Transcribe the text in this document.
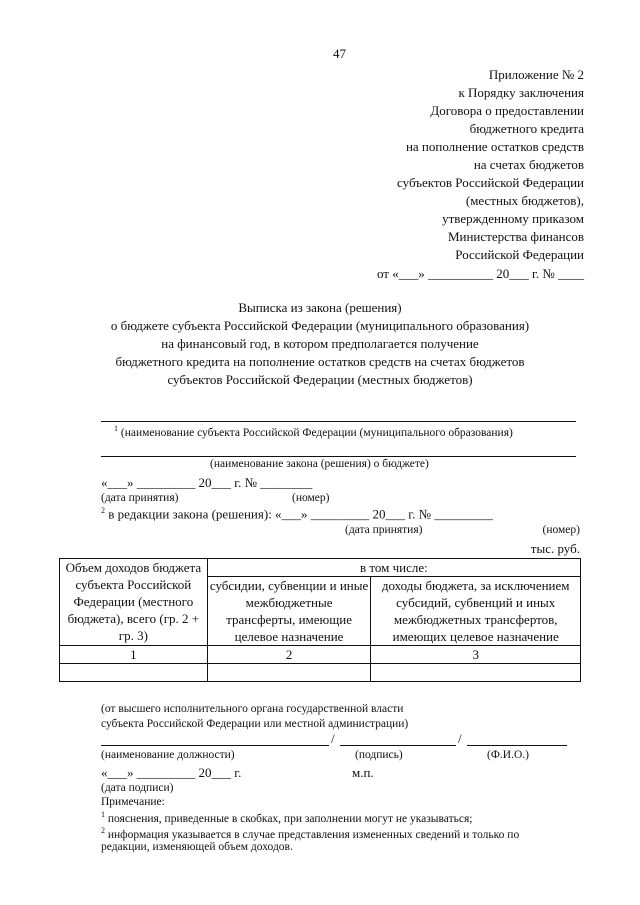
47
Приложение № 2
к Порядку заключения
Договора о предоставлении
бюджетного кредита
на пополнение остатков средств
на счетах бюджетов
субъектов Российской Федерации
(местных бюджетов),
утвержденному приказом
Министерства финансов
Российской Федерации
от «___» __________ 20___ г. № ____
Выписка из закона (решения)
о бюджете субъекта Российской Федерации (муниципального образования)
на финансовый год, в котором предполагается получение
бюджетного кредита на пополнение остатков средств на счетах бюджетов
субъектов Российской Федерации (местных бюджетов)
$^1$ (наименование субъекта Российской Федерации (муниципального образования)
(наименование закона (решения) о бюджете)
«___» _________ 20___ г. № ________
(дата принятия)	(номер)
$^2$ в редакции закона (решения): «___» _________ 20___ г. № _________
(дата принятия)	(номер)
тыс. руб.
Объем доходов бюджета субъекта Российской Федерации (местного бюджета), всего (гр. 2 + гр. 3)	в том числе:	
	субсидии, субвенции и иные межбюджетные трансферты, имеющие целевое назначение	доходы бюджета, за исключением субсидий, субвенций и иных межбюджетных трансфертов, имеющих целевое назначение
1	2	3

(от высшего исполнительного органа государственной власти
субъекта Российской Федерации или местной администрации)
/	/
(наименование должности)	(подпись)	(Ф.И.О.)
«___» _________ 20___ г.	м.п.
(дата подписи)
Примечание:
$^1$ пояснения, приведенные в скобках, при заполнении могут не указываться;
$^2$ информация указывается в случае представления измененных сведений и только по
редакции, изменяющей объем доходов.
